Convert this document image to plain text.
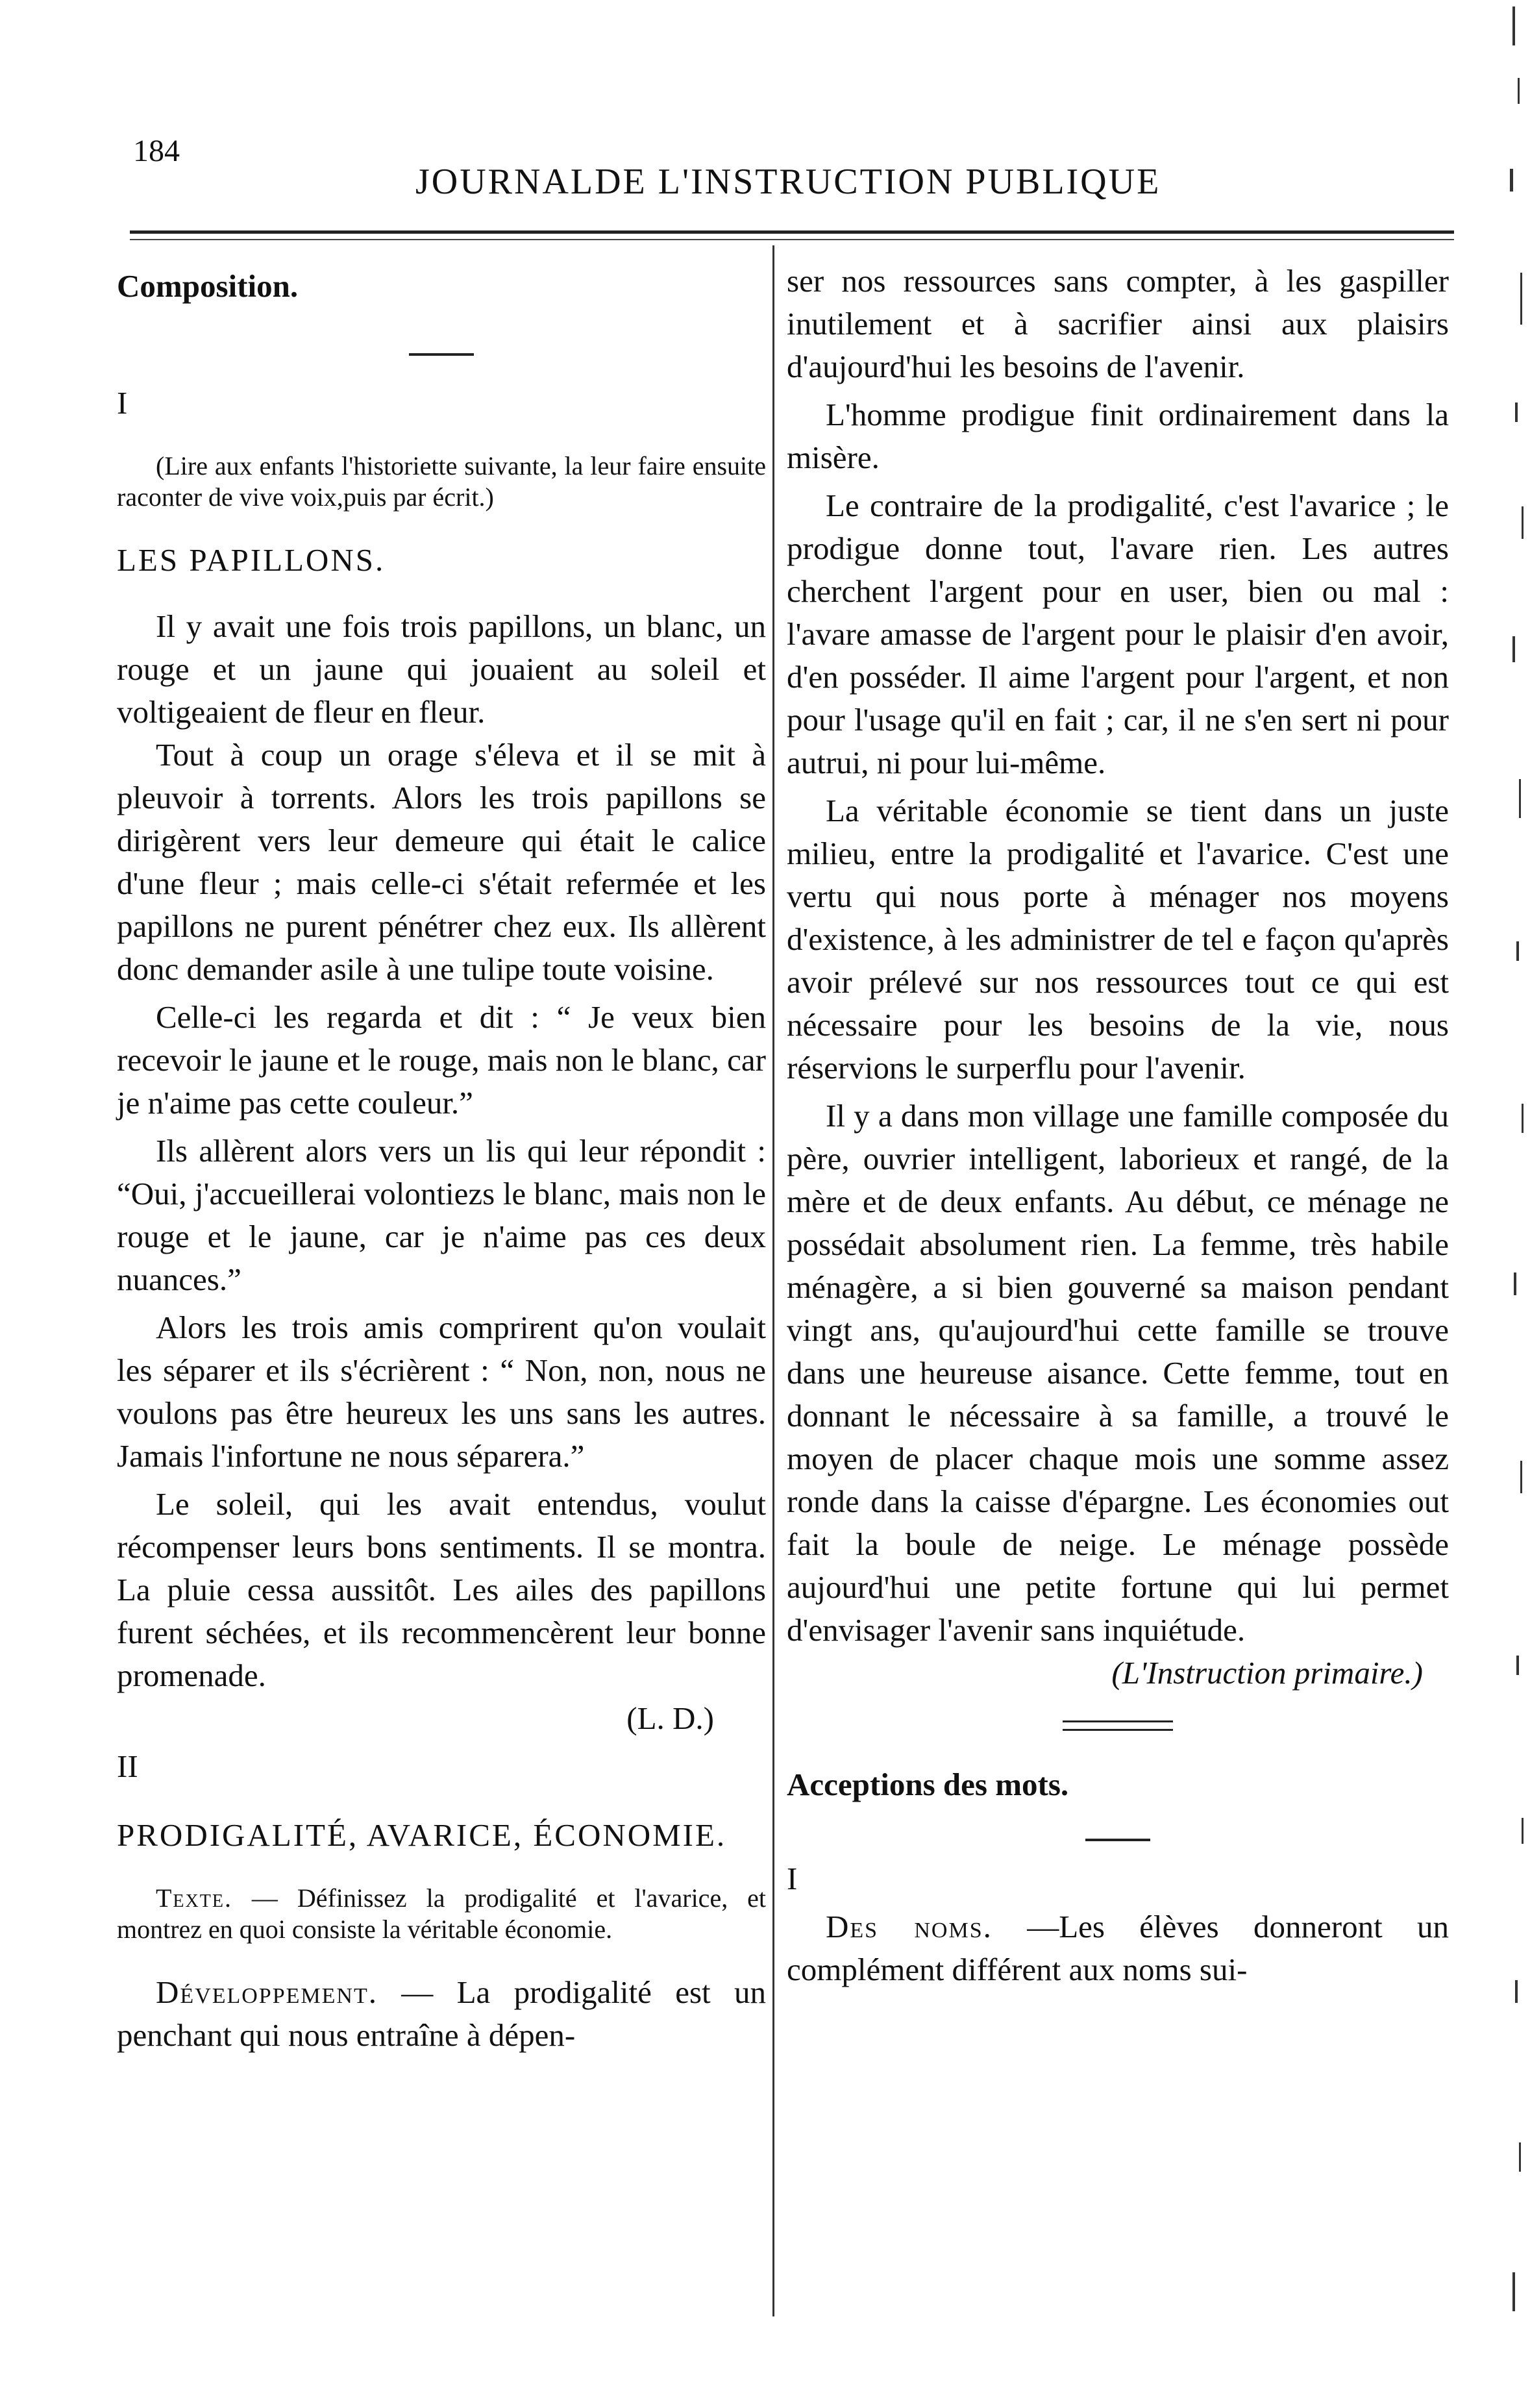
184
JOURNALDE L'INSTRUCTION PUBLIQUE

Composition.

I

(Lire aux enfants l'historiette suivante, la leur faire ensuite raconter de vive voix,puis par écrit.)

LES PAPILLONS.

Il y avait une fois trois papillons, un blanc, un rouge et un jaune qui jouaient au soleil et voltigeaient de fleur en fleur.

Tout à coup un orage s'éleva et il se mit à pleuvoir à torrents. Alors les trois papillons se dirigèrent vers leur demeure qui était le calice d'une fleur ; mais celle-ci s'était refermée et les papillons ne purent pénétrer chez eux. Ils allèrent donc demander asile à une tulipe toute voisine.

Celle-ci les regarda et dit : “ Je veux bien recevoir le jaune et le rouge, mais non le blanc, car je n'aime pas cette couleur.”

Ils allèrent alors vers un lis qui leur répondit : “Oui, j'accueillerai volontiezs le blanc, mais non le rouge et le jaune, car je n'aime pas ces deux nuances.”

Alors les trois amis comprirent qu'on voulait les séparer et ils s'écrièrent : “ Non, non, nous ne voulons pas être heureux les uns sans les autres. Jamais l'infortune ne nous séparera.”

Le soleil, qui les avait entendus, voulut récompenser leurs bons sentiments. Il se montra. La pluie cessa aussitôt. Les ailes des papillons furent séchées, et ils recommencèrent leur bonne promenade.

(L. D.)

II

PRODIGALITÉ, AVARICE, ÉCONOMIE.

Texte. — Définissez la prodigalité et l'avarice, et montrez en quoi consiste la véritable économie.

Développement. — La prodigalité est un penchant qui nous entraîne à dépen-

ser nos ressources sans compter, à les gaspiller inutilement et à sacrifier ainsi aux plaisirs d'aujourd'hui les besoins de l'avenir.

L'homme prodigue finit ordinairement dans la misère.

Le contraire de la prodigalité, c'est l'avarice ; le prodigue donne tout, l'avare rien. Les autres cherchent l'argent pour en user, bien ou mal : l'avare amasse de l'argent pour le plaisir d'en avoir, d'en posséder. Il aime l'argent pour l'argent, et non pour l'usage qu'il en fait ; car, il ne s'en sert ni pour autrui, ni pour lui-même.

La véritable économie se tient dans un juste milieu, entre la prodigalité et l'avarice. C'est une vertu qui nous porte à ménager nos moyens d'existence, à les administrer de tel e façon qu'après avoir prélevé sur nos ressources tout ce qui est nécessaire pour les besoins de la vie, nous réservions le surperflu pour l'avenir.

Il y a dans mon village une famille composée du père, ouvrier intelligent, laborieux et rangé, de la mère et de deux enfants. Au début, ce ménage ne possédait absolument rien. La femme, très habile ménagère, a si bien gouverné sa maison pendant vingt ans, qu'aujourd'hui cette famille se trouve dans une heureuse aisance. Cette femme, tout en donnant le nécessaire à sa famille, a trouvé le moyen de placer chaque mois une somme assez ronde dans la caisse d'épargne. Les économies out fait la boule de neige. Le ménage possède aujourd'hui une petite fortune qui lui permet d'envisager l'avenir sans inquiétude.

(L'Instruction primaire.)

Acceptions des mots.

I

Des noms. —Les élèves donneront un complément différent aux noms sui-
